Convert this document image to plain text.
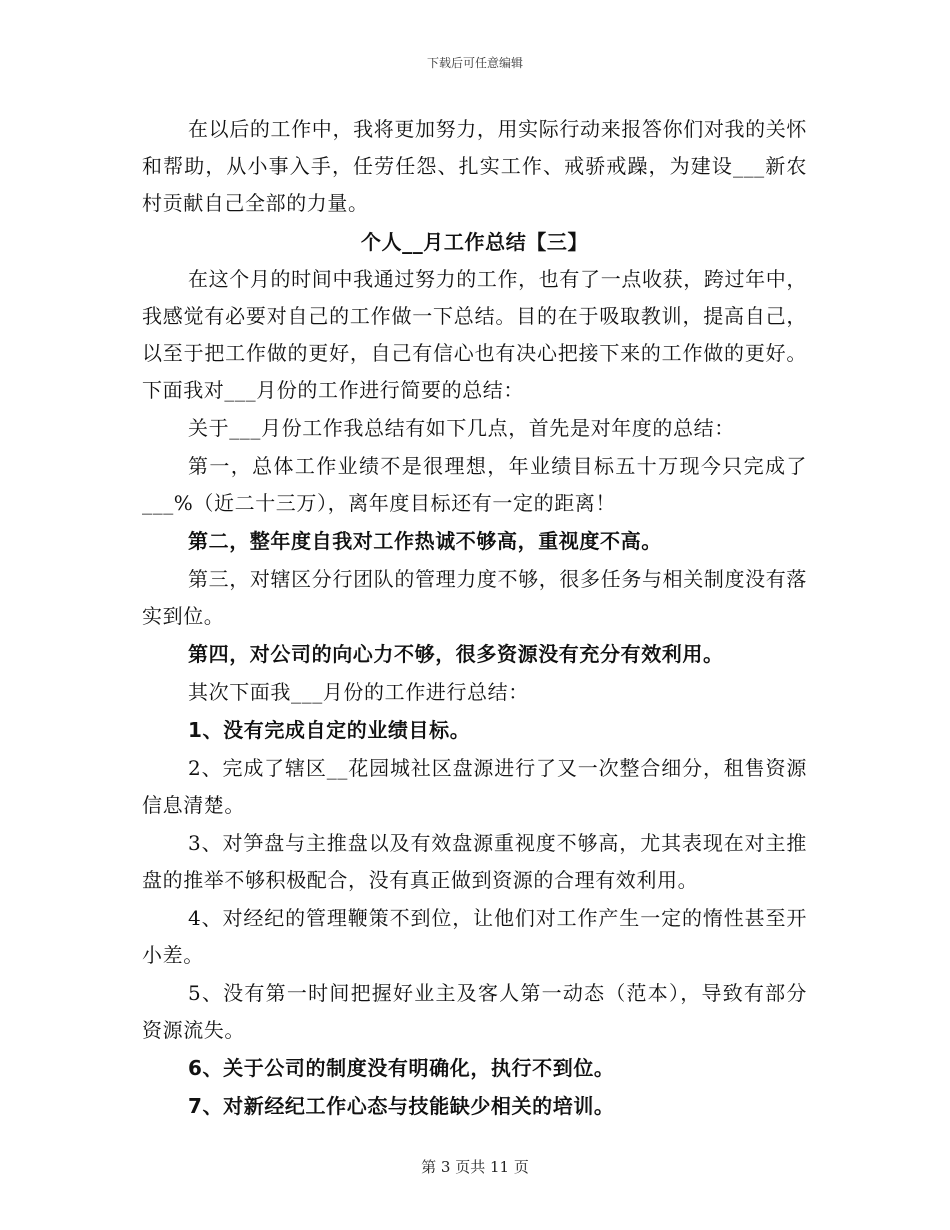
下载后可任意编辑

在以后的工作中，我将更加努力，用实际行动来报答你们对我的关怀和帮助，从小事入手，任劳任怨、扎实工作、戒骄戒躁，为建设___新农村贡献自己全部的力量。

个人__月工作总结【三】

在这个月的时间中我通过努力的工作，也有了一点收获，跨过年中，我感觉有必要对自己的工作做一下总结。目的在于吸取教训，提高自己，以至于把工作做的更好，自己有信心也有决心把接下来的工作做的更好。下面我对___月份的工作进行简要的总结：

关于___月份工作我总结有如下几点，首先是对年度的总结：

第一，总体工作业绩不是很理想，年业绩目标五十万现今只完成了___%（近二十三万），离年度目标还有一定的距离！

第二，整年度自我对工作热诚不够高，重视度不高。

第三，对辖区分行团队的管理力度不够，很多任务与相关制度没有落实到位。

第四，对公司的向心力不够，很多资源没有充分有效利用。

其次下面我___月份的工作进行总结：

1、没有完成自定的业绩目标。

2、完成了辖区__花园城社区盘源进行了又一次整合细分，租售资源信息清楚。

3、对笋盘与主推盘以及有效盘源重视度不够高，尤其表现在对主推盘的推举不够积极配合，没有真正做到资源的合理有效利用。

4、对经纪的管理鞭策不到位，让他们对工作产生一定的惰性甚至开小差。

5、没有第一时间把握好业主及客人第一动态（范本），导致有部分资源流失。

6、关于公司的制度没有明确化，执行不到位。

7、对新经纪工作心态与技能缺少相关的培训。

第 3 页共 11 页
